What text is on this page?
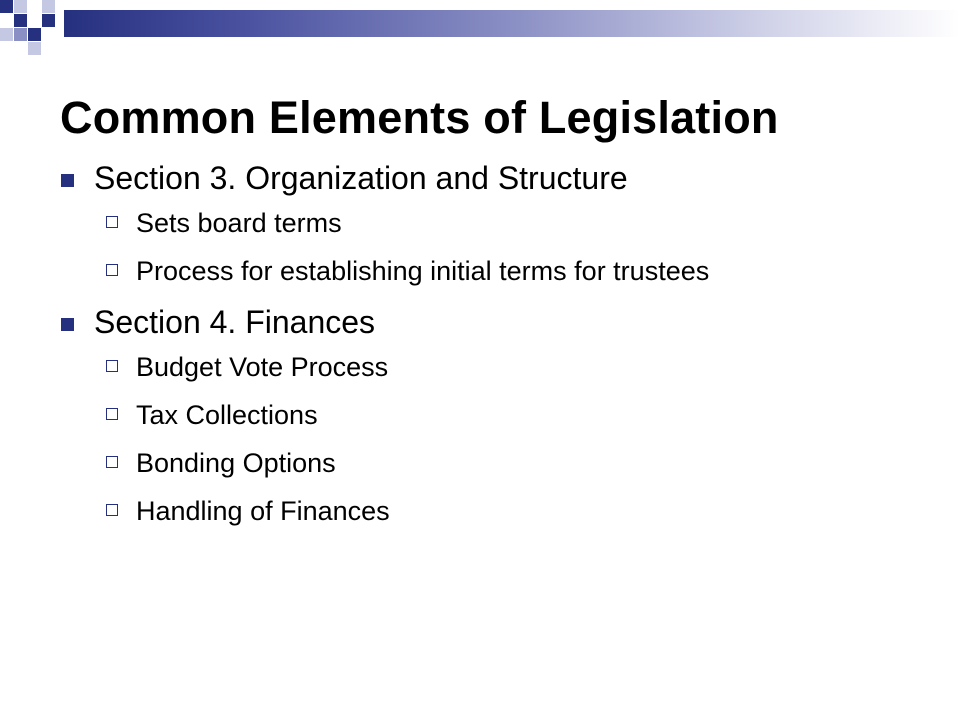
Common Elements of Legislation
Section 3. Organization and Structure
Sets board terms
Process for establishing initial terms for trustees
Section 4. Finances
Budget Vote Process
Tax Collections
Bonding Options
Handling of Finances
